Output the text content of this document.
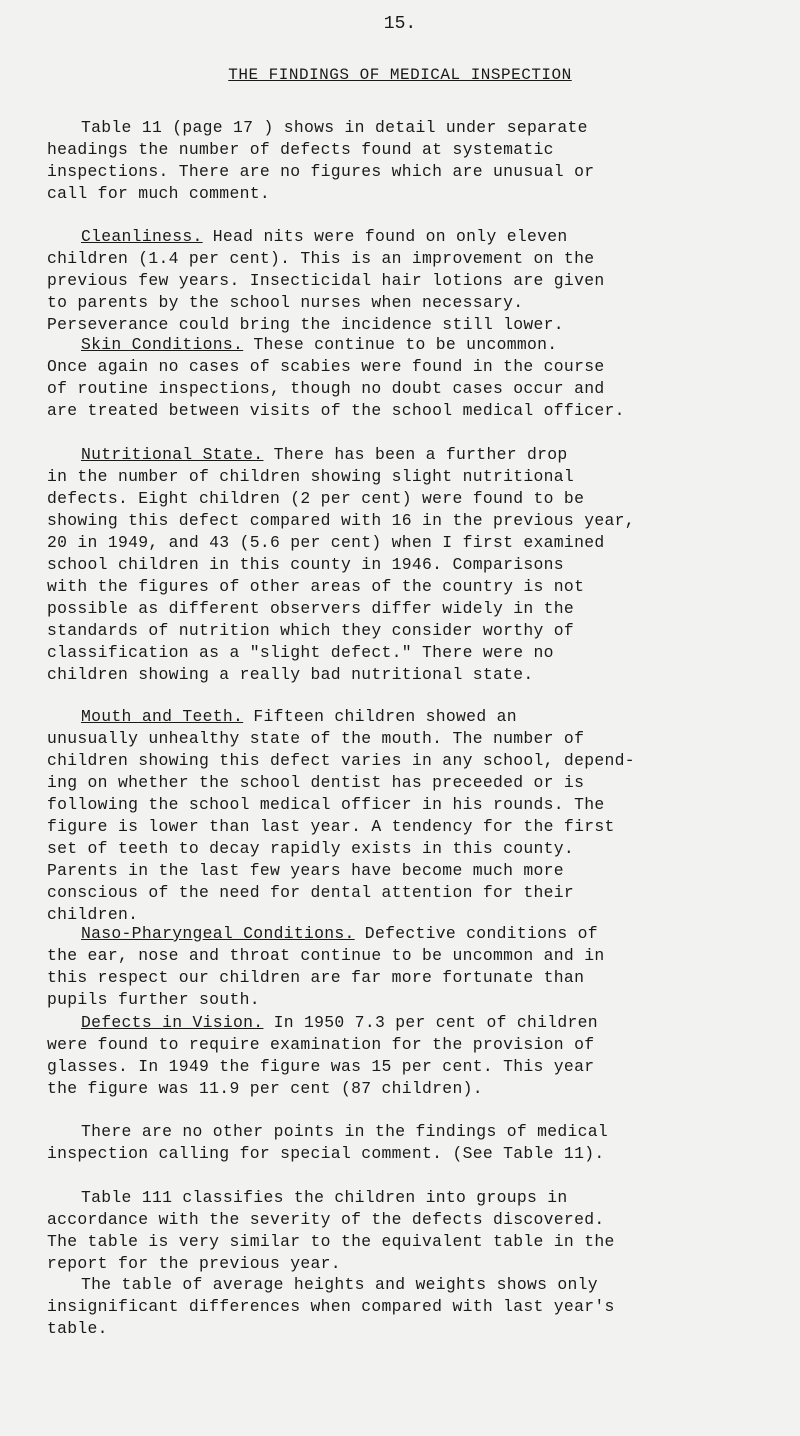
15.
THE FINDINGS OF MEDICAL INSPECTION

Table 11 (page 17 ) shows in detail under separate
headings the number of defects found at systematic
inspections. There are no figures which are unusual or
call for much comment.

Cleanliness. Head nits were found on only eleven
children (1.4 per cent). This is an improvement on the
previous few years. Insecticidal hair lotions are given
to parents by the school nurses when necessary.
Perseverance could bring the incidence still lower.

Skin Conditions. These continue to be uncommon.
Once again no cases of scabies were found in the course
of routine inspections, though no doubt cases occur and
are treated between visits of the school medical officer.

Nutritional State. There has been a further drop
in the number of children showing slight nutritional
defects. Eight children (2 per cent) were found to be
showing this defect compared with 16 in the previous year,
20 in 1949, and 43 (5.6 per cent) when I first examined
school children in this county in 1946. Comparisons
with the figures of other areas of the country is not
possible as different observers differ widely in the
standards of nutrition which they consider worthy of
classification as a "slight defect." There were no
children showing a really bad nutritional state.

Mouth and Teeth. Fifteen children showed an
unusually unhealthy state of the mouth. The number of
children showing this defect varies in any school, depend-
ing on whether the school dentist has preceeded or is
following the school medical officer in his rounds. The
figure is lower than last year. A tendency for the first
set of teeth to decay rapidly exists in this county.
Parents in the last few years have become much more
conscious of the need for dental attention for their
children.

Naso-Pharyngeal Conditions. Defective conditions of
the ear, nose and throat continue to be uncommon and in
this respect our children are far more fortunate than
pupils further south.

Defects in Vision. In 1950 7.3 per cent of children
were found to require examination for the provision of
glasses. In 1949 the figure was 15 per cent. This year
the figure was 11.9 per cent (87 children).

There are no other points in the findings of medical
inspection calling for special comment. (See Table 11).

Table 111 classifies the children into groups in
accordance with the severity of the defects discovered.
The table is very similar to the equivalent table in the
report for the previous year.

The table of average heights and weights shows only
insignificant differences when compared with last year's
table.
